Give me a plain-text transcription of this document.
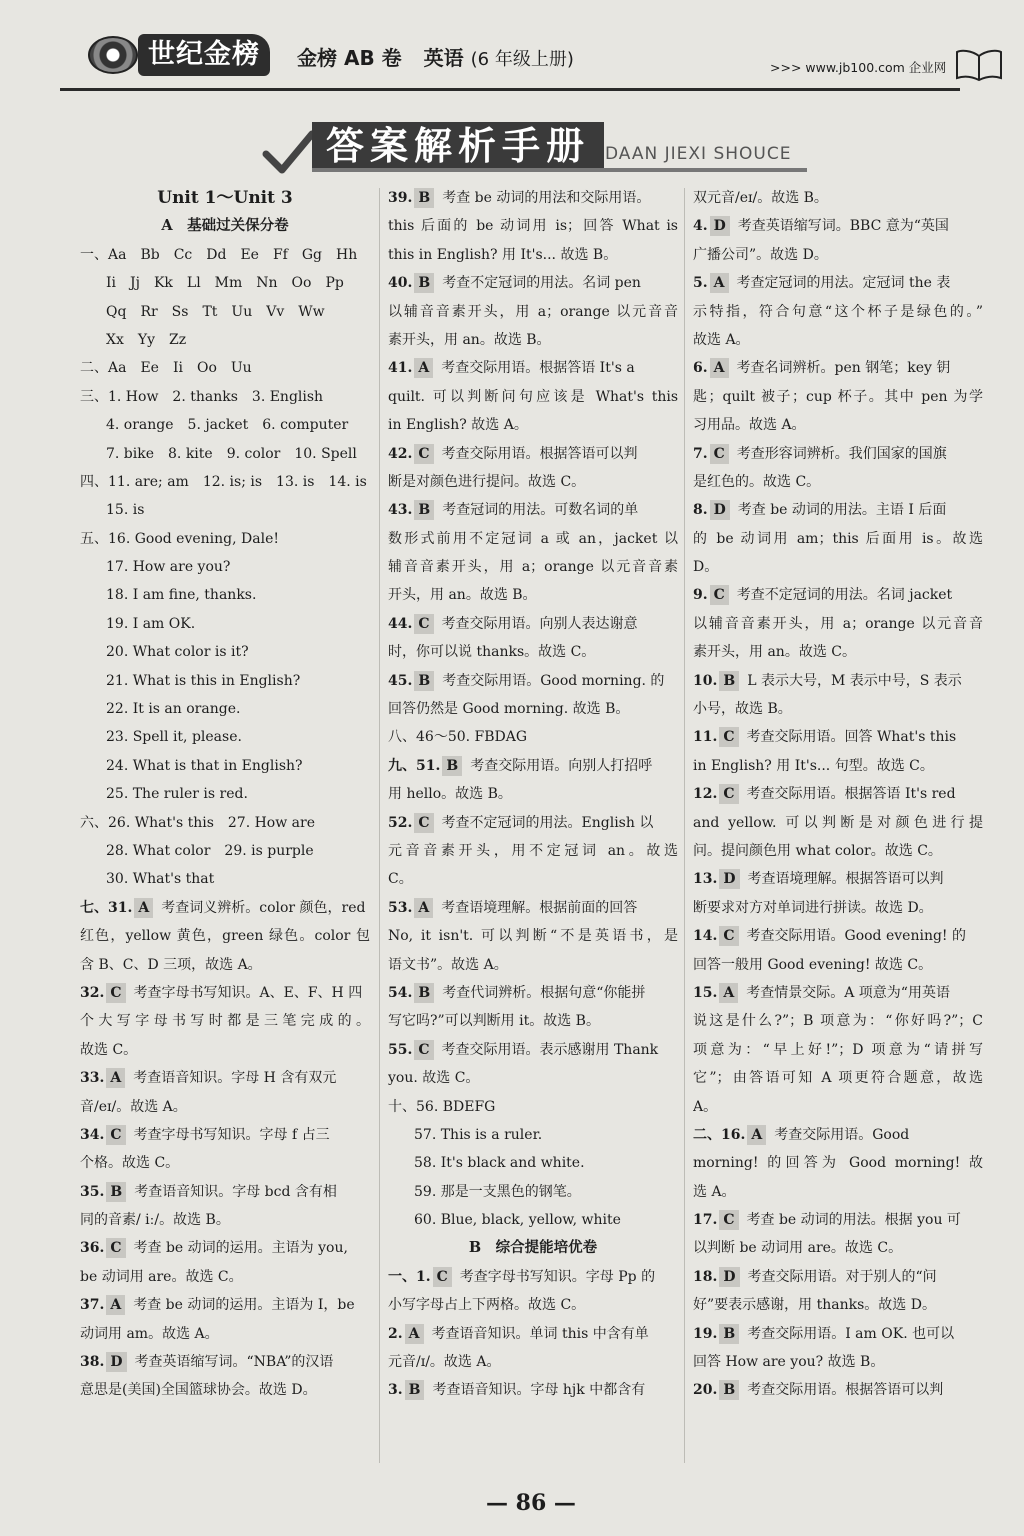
世纪金榜	金榜 AB 卷 英语 (6 年级上册)	>>> www.jb100.com 企业网
答案解析手册 DAAN JIEXI SHOUCE
Unit 1～Unit 3
A　基础过关保分卷
一、Aa　Bb　Cc　Dd　Ee　Ff　Gg　Hh
Ii　Jj　Kk　Ll　Mm　Nn　Oo　Pp
Qq　Rr　Ss　Tt　Uu　Vv　Ww
Xx　Yy　Zz
二、Aa　Ee　Ii　Oo　Uu
三、1. How　2. thanks　3. English
4. orange　5. jacket　6. computer
7. bike　8. kite　9. color　10. Spell
四、11. are; am　12. is; is　13. is　14. is
15. is
五、16. Good evening, Dale!
17. How are you?
18. I am fine, thanks.
19. I am OK.
20. What color is it?
21. What is this in English?
22. It is an orange.
23. Spell it, please.
24. What is that in English?
25. The ruler is red.
六、26. What's this　27. How are
28. What color　29. is purple
30. What's that
七、31. A 考查词义辨析。color 颜色，red
红色，yellow 黄色，green 绿色。color 包
含 B、C、D 三项，故选 A。
32. C 考查字母书写知识。A、E、F、H 四
个大写字母书写时都是三笔完成的。
故选 C。
33. A 考查语音知识。字母 H 含有双元
音/eɪ/。故选 A。
34. C 考查字母书写知识。字母 f 占三
个格。故选 C。
35. B 考查语音知识。字母 bcd 含有相
同的音素/ iː/。故选 B。
36. C 考查 be 动词的运用。主语为 you,
be 动词用 are。故选 C。
37. A 考查 be 动词的运用。主语为 I，be
动词用 am。故选 A。
38. D 考查英语缩写词。“NBA”的汉语
意思是(美国)全国篮球协会。故选 D。
39. B 考查 be 动词的用法和交际用语。
this 后面的 be 动词用 is；回答 What is
this in English? 用 It's... 故选 B。
40. B 考查不定冠词的用法。名词 pen
以辅音音素开头，用 a；orange 以元音音
素开头，用 an。故选 B。
41. A 考查交际用语。根据答语 It's a
quilt. 可以判断问句应该是 What's this
in English? 故选 A。
42. C 考查交际用语。根据答语可以判
断是对颜色进行提问。故选 C。
43. B 考查冠词的用法。可数名词的单
数形式前用不定冠词 a 或 an，jacket 以
辅音音素开头，用 a；orange 以元音音素
开头，用 an。故选 B。
44. C 考查交际用语。向别人表达谢意
时，你可以说 thanks。故选 C。
45. B 考查交际用语。Good morning. 的
回答仍然是 Good morning. 故选 B。
八、46～50. FBDAG
九、51. B 考查交际用语。向别人打招呼
用 hello。故选 B。
52. C 考查不定冠词的用法。English 以
元音音素开头，用不定冠词 an。故选
C。
53. A 考查语境理解。根据前面的回答
No, it isn't. 可以判断“不是英语书，是
语文书”。故选 A。
54. B 考查代词辨析。根据句意“你能拼
写它吗?”可以判断用 it。故选 B。
55. C 考查交际用语。表示感谢用 Thank
you. 故选 C。
十、56. BDEFG
57. This is a ruler.
58. It's black and white.
59. 那是一支黑色的钢笔。
60. Blue, black, yellow, white
B　综合提能培优卷
一、1. C 考查字母书写知识。字母 Pp 的
小写字母占上下两格。故选 C。
2. A 考查语音知识。单词 this 中含有单
元音/ɪ/。故选 A。
3. B 考查语音知识。字母 hjk 中都含有
双元音/eɪ/。故选 B。
4. D 考查英语缩写词。BBC 意为“英国
广播公司”。故选 D。
5. A 考查定冠词的用法。定冠词 the 表
示特指，符合句意“这个杯子是绿色的。”
故选 A。
6. A 考查名词辨析。pen 钢笔；key 钥
匙；quilt 被子；cup 杯子。其中 pen 为学
习用品。故选 A。
7. C 考查形容词辨析。我们国家的国旗
是红色的。故选 C。
8. D 考查 be 动词的用法。主语 I 后面
的 be 动词用 am；this 后面用 is。故选
D。
9. C 考查不定冠词的用法。名词 jacket
以辅音音素开头，用 a；orange 以元音音
素开头，用 an。故选 C。
10. B L 表示大号，M 表示中号，S 表示
小号，故选 B。
11. C 考查交际用语。回答 What's this
in English? 用 It's... 句型。故选 C。
12. C 考查交际用语。根据答语 It's red
and yellow. 可以判断是对颜色进行提
问。提问颜色用 what color。故选 C。
13. D 考查语境理解。根据答语可以判
断要求对方对单词进行拼读。故选 D。
14. C 考查交际用语。Good evening! 的
回答一般用 Good evening! 故选 C。
15. A 考查情景交际。A 项意为“用英语
说这是什么?”；B 项意为：“你好吗?”；C
项意为：“早上好!”；D 项意为“请拼写
它”；由答语可知 A 项更符合题意，故选
A。
二、16. A 考查交际用语。Good
morning! 的回答为 Good morning! 故
选 A。
17. C 考查 be 动词的用法。根据 you 可
以判断 be 动词用 are。故选 C。
18. D 考查交际用语。对于别人的“问
好”要表示感谢，用 thanks。故选 D。
19. B 考查交际用语。I am OK. 也可以
回答 How are you? 故选 B。
20. B 考查交际用语。根据答语可以判
— 86 —
